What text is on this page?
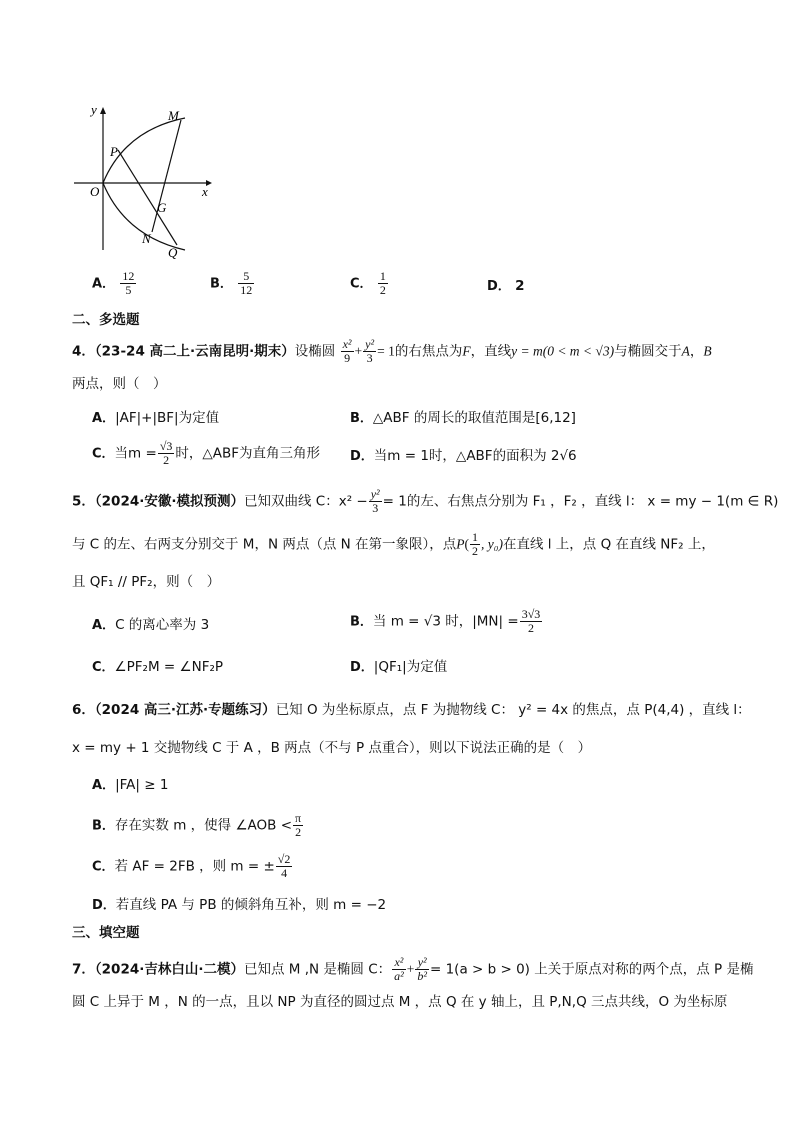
y
x
O
M
P
G
N
Q
A． $\frac{12}{5}$	B． $\frac{5}{12}$	C． $\frac{1}{2}$	D． 2
二、多选题
4．（23-24 高二上·云南昆明·期末）设椭圆 $\frac{\text{x²}}{9} + \frac{\text{y²}}{3} = 1$的右焦点为F，直线y = m(0 < m < √3)与椭圆交于A，B
两点，则（　）
A．|AF|+|BF|为定值	B．△ABF 的周长的取值范围是[6,12]
C．当$m = \frac{√3}{2}$ 时，△ABF为直角三角形 D．当m = 1时，△ABF的面积为 2√6
5．（2024·安徽·模拟预测）已知双曲线 C：$x^2 - \frac{\text{y²}}{3} = 1$的左、右焦点分别为 F₁ ，F₂ ，直线 l： x = my − 1(m ∈ R)
与 C 的左、右两支分别交于 M，N 两点（点 N 在第一象限），点$P( \frac{1}{2}$ , y₀)在直线 l 上，点 Q 在直线 NF₂ 上，
且 QF₁ // PF₂，则（　）
A．C 的离心率为 3	B．当 m = √3 时，$|MN| = \frac{3√3}{2}$
C．∠PF₂M = ∠NF₂P	D．|QF₁|为定值
6．（2024 高三·江苏·专题练习）已知 O 为坐标原点，点 F 为抛物线 C： y² = 4x 的焦点，点 P(4,4) ，直线 l：
x = my + 1 交抛物线 C 于 A ，B 两点（不与 P 点重合），则以下说法正确的是（　）
A．|FA| ≥ 1
B．存在实数 m ，使得 ∠AOB < $\frac{\pi}{2}$
C．若 AF = 2FB ，则 m = ± $\frac{√2}{4}$
D．若直线 PA 与 PB 的倾斜角互补，则 m = −2
三、填空题
7．（2024·吉林白山·二模）已知点 M ,N 是椭圆 C： $\frac{\text{x²}}{\text{a²}} + \frac{\text{y²}}{\text{b²}} = 1(a > b > 0)$ 上关于原点对称的两个点，点 P 是椭
圆 C 上异于 M ，N 的一点，且以 NP 为直径的圆过点 M ，点 Q 在 y 轴上，且 P,N,Q 三点共线，O 为坐标原
